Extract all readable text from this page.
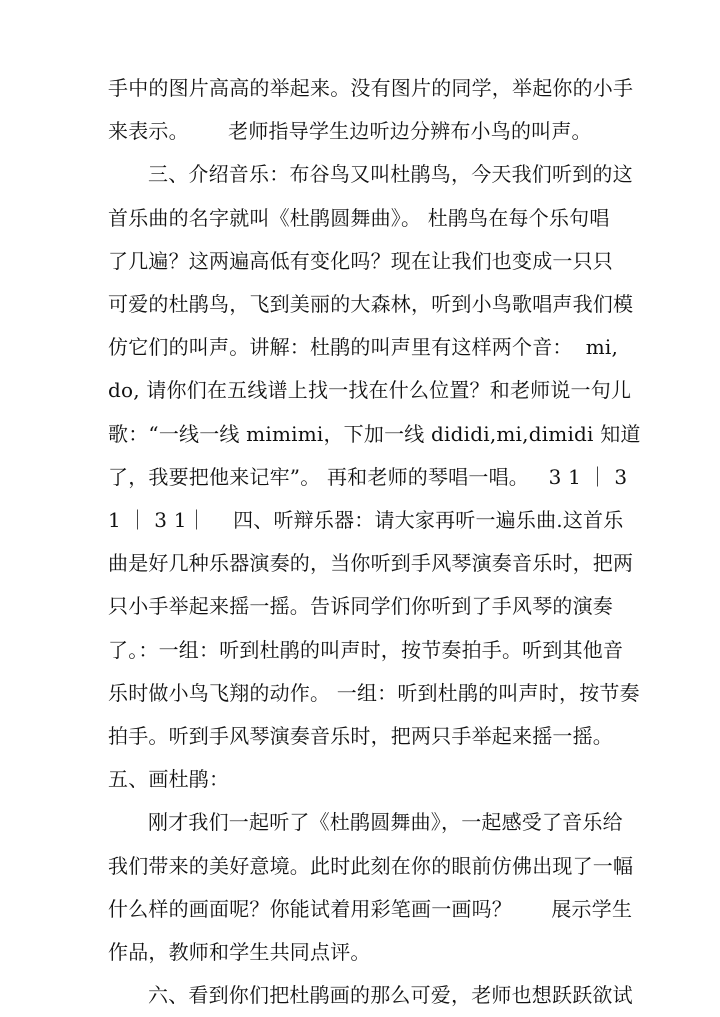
手中的图片高高的举起来。没有图片的同学，举起你的小手
来表示。      老师指导学生边听边分辨布小鸟的叫声。
三、介绍音乐：布谷鸟又叫杜鹃鸟，今天我们听到的这
首乐曲的名字就叫《杜鹃圆舞曲》。 杜鹃鸟在每个乐句唱
了几遍？这两遍高低有变化吗？现在让我们也变成一只只
可爱的杜鹃鸟，飞到美丽的大森林，听到小鸟歌唱声我们模
仿它们的叫声。讲解：杜鹃的叫声里有这样两个音：  mi,
do, 请你们在五线谱上找一找在什么位置？和老师说一句儿
歌：“一线一线 mimimi，下加一线 dididi,mi,dimidi 知道
了，我要把他来记牢”。 再和老师的琴唱一唱。   3 1 ｜ 3
1 ｜ 3 1｜    四、听辩乐器：请大家再听一遍乐曲.这首乐
曲是好几种乐器演奏的，当你听到手风琴演奏音乐时，把两
只小手举起来摇一摇。告诉同学们你听到了手风琴的演奏
了。：一组：听到杜鹃的叫声时，按节奏拍手。听到其他音
乐时做小鸟飞翔的动作。 一组：听到杜鹃的叫声时，按节奏
拍手。听到手风琴演奏音乐时，把两只手举起来摇一摇。
五、画杜鹃：
刚才我们一起听了《杜鹃圆舞曲》，一起感受了音乐给
我们带来的美好意境。此时此刻在你的眼前仿佛出现了一幅
什么样的画面呢？你能试着用彩笔画一画吗？      展示学生
作品，教师和学生共同点评。
六、看到你们把杜鹃画的那么可爱，老师也想跃跃欲试
